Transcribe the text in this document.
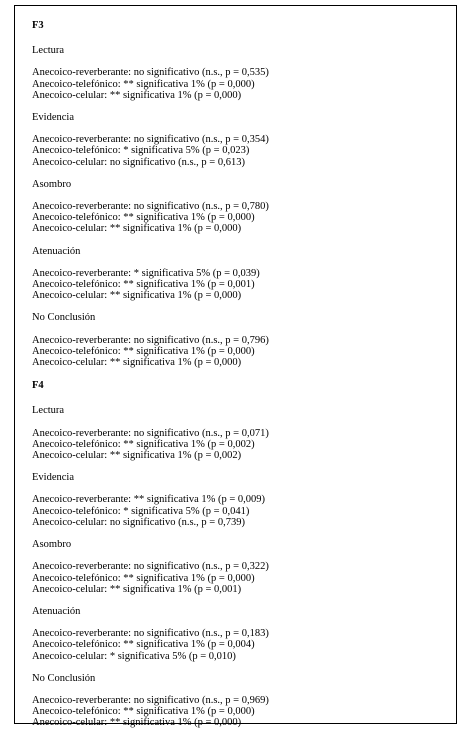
F3
Lectura
Anecoico-reverberante: no significativo (n.s., p = 0,535)
Anecoico-telefónico: ** significativa 1% (p = 0,000)
Anecoico-celular: ** significativa 1% (p = 0,000)
Evidencia
Anecoico-reverberante: no significativo (n.s., p = 0,354)
Anecoico-telefónico: * significativa 5% (p = 0,023)
Anecoico-celular: no significativo (n.s., p = 0,613)
Asombro
Anecoico-reverberante: no significativo (n.s., p = 0,780)
Anecoico-telefónico: ** significativa 1% (p = 0,000)
Anecoico-celular: ** significativa 1% (p = 0,000)
Atenuación
Anecoico-reverberante: * significativa 5% (p = 0,039)
Anecoico-telefónico: ** significativa 1% (p = 0,001)
Anecoico-celular: ** significativa 1% (p = 0,000)
No Conclusión
Anecoico-reverberante: no significativo (n.s., p = 0,796)
Anecoico-telefónico: ** significativa 1% (p = 0,000)
Anecoico-celular: ** significativa 1% (p = 0,000)
F4
Lectura
Anecoico-reverberante: no significativo (n.s., p = 0,071)
Anecoico-telefónico: ** significativa 1% (p = 0,002)
Anecoico-celular: ** significativa 1% (p = 0,002)
Evidencia
Anecoico-reverberante: ** significativa 1% (p = 0,009)
Anecoico-telefónico: * significativa 5% (p = 0,041)
Anecoico-celular: no significativo (n.s., p = 0,739)
Asombro
Anecoico-reverberante: no significativo (n.s., p = 0,322)
Anecoico-telefónico: ** significativa 1% (p = 0,000)
Anecoico-celular: ** significativa 1% (p = 0,001)
Atenuación
Anecoico-reverberante: no significativo (n.s., p = 0,183)
Anecoico-telefónico: ** significativa 1% (p = 0,004)
Anecoico-celular: * significativa 5% (p = 0,010)
No Conclusión
Anecoico-reverberante: no significativo (n.s., p = 0,969)
Anecoico-telefónico: ** significativa 1% (p = 0,000)
Anecoico-celular: ** significativa 1% (p = 0,000)
